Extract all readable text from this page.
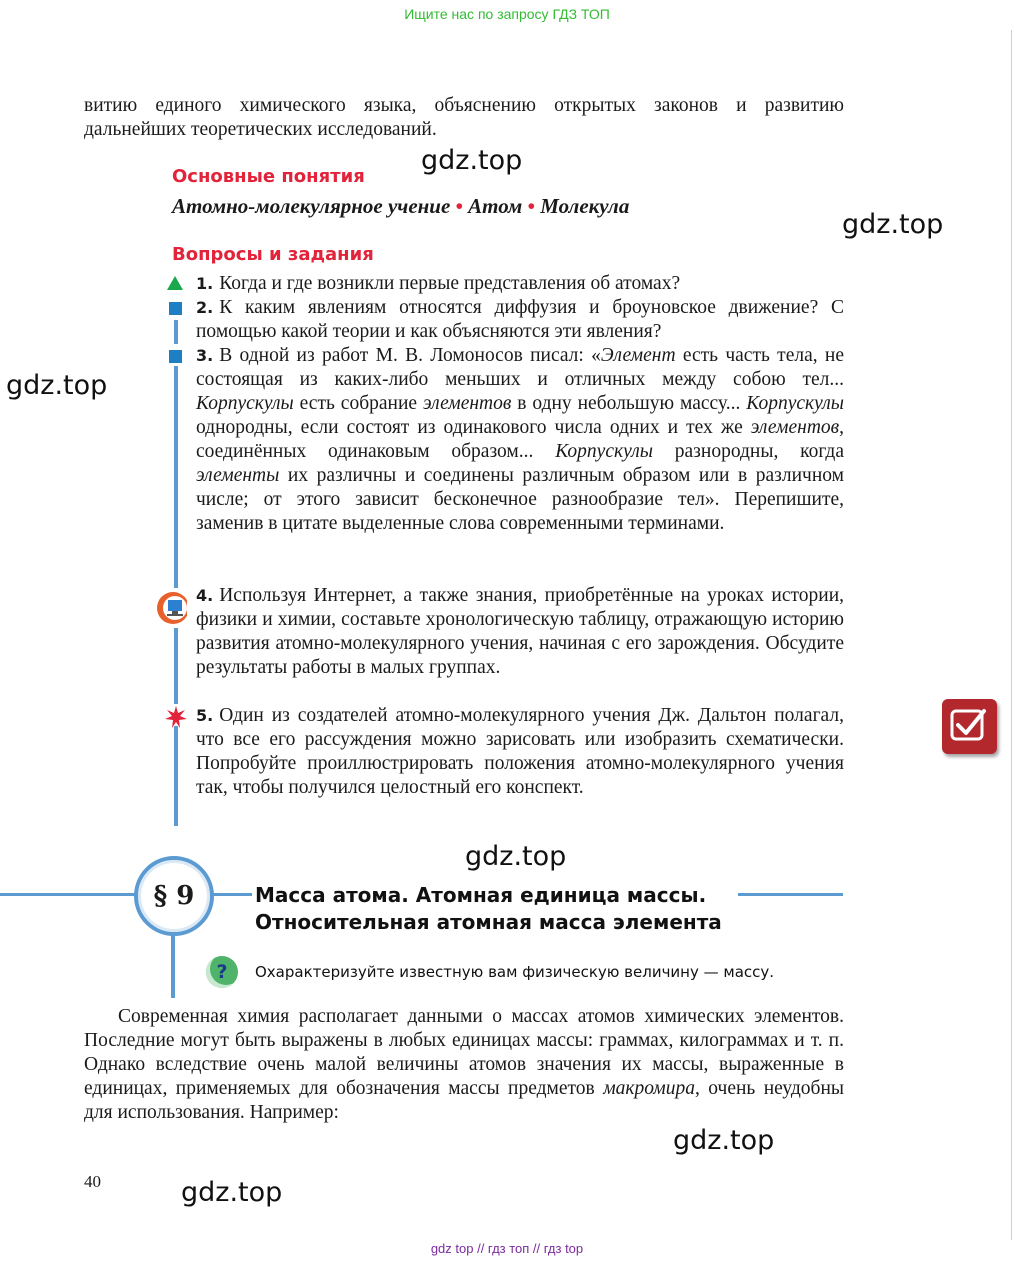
Ищите нас по запросу ГДЗ ТОП
витию единого химического языка, объяснению открытых законов и развитию дальнейших теоретических исследований.
Основные понятия
Атомно-молекулярное учение • Атом • Молекула
Вопросы и задания
1. Когда и где возникли первые представления об атомах?
2. К каким явлениям относятся диффузия и броуновское движение? С помощью какой теории и как объясняются эти явления?
3. В одной из работ М. В. Ломоносов писал: «Элемент есть часть тела, не состоящая из каких-либо меньших и отличных между собою тел... Корпускулы есть собрание элементов в одну небольшую массу... Корпускулы однородны, если состоят из одинакового числа одних и тех же элементов, соединённых одинаковым образом... Корпускулы разнородны, когда элементы их различны и соединены различным образом или в различном числе; от этого зависит бесконечное разнообразие тел». Перепишите, заменив в цитате выделенные слова современными терминами.
4. Используя Интернет, а также знания, приобретённые на уроках истории, физики и химии, составьте хронологическую таблицу, отражающую историю развития атомно-молекулярного учения, начиная с его зарождения. Обсудите результаты работы в малых группах.
5. Один из создателей атомно-молекулярного учения Дж. Дальтон полагал, что все его рассуждения можно зарисовать или изобразить схематически. Попробуйте проиллюстрировать положения атомно-молекулярного учения так, чтобы получился целостный его конспект.
§ 9	Масса атома. Атомная единица массы.
Относительная атомная масса элемента
?	Охарактеризуйте известную вам физическую величину — массу.
Современная химия располагает данными о массах атомов химических элементов. Последние могут быть выражены в любых единицах массы: граммах, килограммах и т. п. Однако вследствие очень малой величины атомов значения их массы, выраженные в единицах, применяемых для обозначения массы предметов макромира, очень неудобны для использования. Например:
40
gdz.top
gdz.top
gdz.top
gdz.top
gdz.top
gdz.top
gdz top // гдз топ // гдз top
